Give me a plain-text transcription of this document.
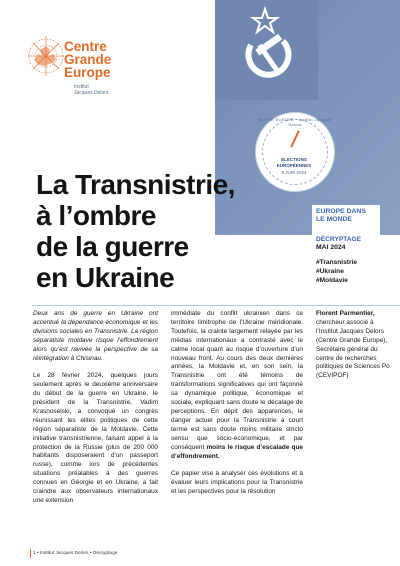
Centre
Grande
Europe
Institut
Jacques Delors
NOTRE EUROPE · Institut Jacques Delors
ÉLECTIONS
EUROPÉENNES
9 JUIN 2024
La Transnistrie,
à l’ombre
de la guerre
en Ukraine
EUROPE DANS
LE MONDE
DÉCRYPTAGE
MAI 2024
#Transnistrie
#Ukraine
#Moldavie

Deux ans de guerre en Ukraine ont accentué la dépendance économique et les divisions sociales en Transnistrie. La région séparatiste moldave risque l’effondrement alors qu’est ravivée la perspective de sa réintégration à Chisinau.

Le 28 février 2024, quelques jours seulement après le deuxième anniversaire du début de la guerre en Ukraine, le président de la Transnistrie, Vadim Krasnoselski, a convoqué un congrès réunissant les élites politiques de cette région séparatiste de la Moldavie. Cette initiative transnistrienne, faisant appel à la protection de la Russie (plus de 200 000 habitants disposeraient d’un passeport russe), comme lors de précédentes situations préalables à des guerres connues en Géorgie et en Ukraine, a fait craindre aux observateurs internationaux une extension

immédiate du conflit ukrainien dans ce territoire limitrophe de l’Ukraine méridionale. Toutefois, la crainte largement relayée par les médias internationaux a contrasté avec le calme local quant au risque d’ouverture d’un nouveau front. Au cours des deux dernières années, la Moldavie et, en son sein, la Transnistrie ont été témoins de transformations significatives qui ont façonné sa dynamique politique, économique et sociale, expliquant sans doute le décalage de perceptions. En dépit des apparences, le danger actuel pour la Transnistrie à court terme est sans doute moins militaire stricto sensu que socio-économique, et par conséquent moins le risque d’escalade que d’effondrement.

Ce papier vise à analyser ces évolutions et à évaluer leurs implications pour la Transnistrie et les perspectives pour la résolution

Florent Parmentier, chercheur associé à l’Institut Jacques Delors (Centre Grande Europe), Secrétaire général du centre de recherches politiques de Sciences Po (CEVIPOF)
1 • Institut Jacques Delors • Décryptage
